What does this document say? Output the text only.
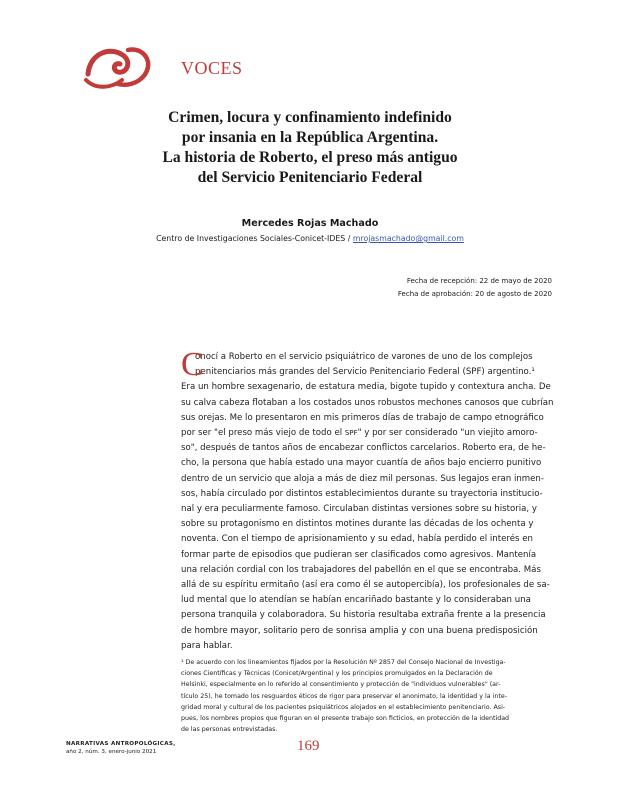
VOCES
Crimen, locura y confinamiento indefinido
por insania en la República Argentina.
La historia de Roberto, el preso más antiguo
del Servicio Penitenciario Federal
Mercedes Rojas Machado
Centro de Investigaciones Sociales-Conicet-IDES / mrojasmachado@gmail.com
Fecha de recepción: 22 de mayo de 2020
Fecha de aprobación: 20 de agosto de 2020
C
onocí a Roberto en el servicio psiquiátrico de varones de uno de los complejos
penitenciarios más grandes del Servicio Penitenciario Federal (SPF) argentino.¹
Era un hombre sexagenario, de estatura media, bigote tupido y contextura ancha. De
su calva cabeza flotaban a los costados unos robustos mechones canosos que cubrían
sus orejas. Me lo presentaron en mis primeros días de trabajo de campo etnográfico
por ser "el preso más viejo de todo el SPF" y por ser considerado "un viejito amoro-
so", después de tantos años de encabezar conflictos carcelarios. Roberto era, de he-
cho, la persona que había estado una mayor cuantía de años bajo encierro punitivo
dentro de un servicio que aloja a más de diez mil personas. Sus legajos eran inmen-
sos, había circulado por distintos establecimientos durante su trayectoria institucio-
nal y era peculiarmente famoso. Circulaban distintas versiones sobre su historia, y
sobre su protagonismo en distintos motines durante las décadas de los ochenta y
noventa. Con el tiempo de aprisionamiento y su edad, había perdido el interés en
formar parte de episodios que pudieran ser clasificados como agresivos. Mantenía
una relación cordial con los trabajadores del pabellón en el que se encontraba. Más
allá de su espíritu ermitaño (así era como él se autopercibía), los profesionales de sa-
lud mental que lo atendían se habían encariñado bastante y lo consideraban una
persona tranquila y colaboradora. Su historia resultaba extraña frente a la presencia
de hombre mayor, solitario pero de sonrisa amplia y con una buena predisposición
para hablar.
¹ De acuerdo con los lineamientos fijados por la Resolución Nº 2857 del Consejo Nacional de Investiga-
ciones Científicas y Técnicas (Conicet/Argentina) y los principios promulgados en la Declaración de
Helsinki, especialmente en lo referido al consentimiento y protección de "individuos vulnerables" (ar-
tículo 25), he tomado los resguardos éticos de rigor para preservar el anonimato, la identidad y la inte-
gridad moral y cultural de los pacientes psiquiátricos alojados en el establecimiento penitenciario. Asi-
pues, los nombres propios que figuran en el presente trabajo son ficticios, en protección de la identidad
de las personas entrevistadas.
NARRATIVAS ANTROPOLÓGICAS,
año 2, núm. 3, enero-junio 2021	169
